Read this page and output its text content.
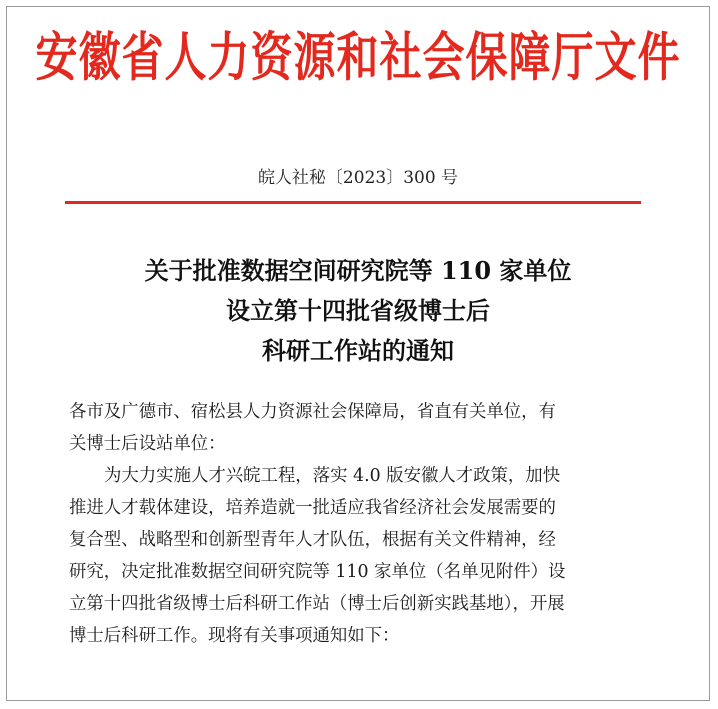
安徽省人力资源和社会保障厅文件
皖人社秘〔2023〕300 号
关于批准数据空间研究院等 110 家单位
设立第十四批省级博士后
科研工作站的通知
各市及广德市、宿松县人力资源社会保障局，省直有关单位，有
关博士后设站单位：
为大力实施人才兴皖工程，落实 4.0 版安徽人才政策，加快
推进人才载体建设，培养造就一批适应我省经济社会发展需要的
复合型、战略型和创新型青年人才队伍，根据有关文件精神，经
研究，决定批准数据空间研究院等 110 家单位（名单见附件）设
立第十四批省级博士后科研工作站（博士后创新实践基地），开展
博士后科研工作。现将有关事项通知如下：
